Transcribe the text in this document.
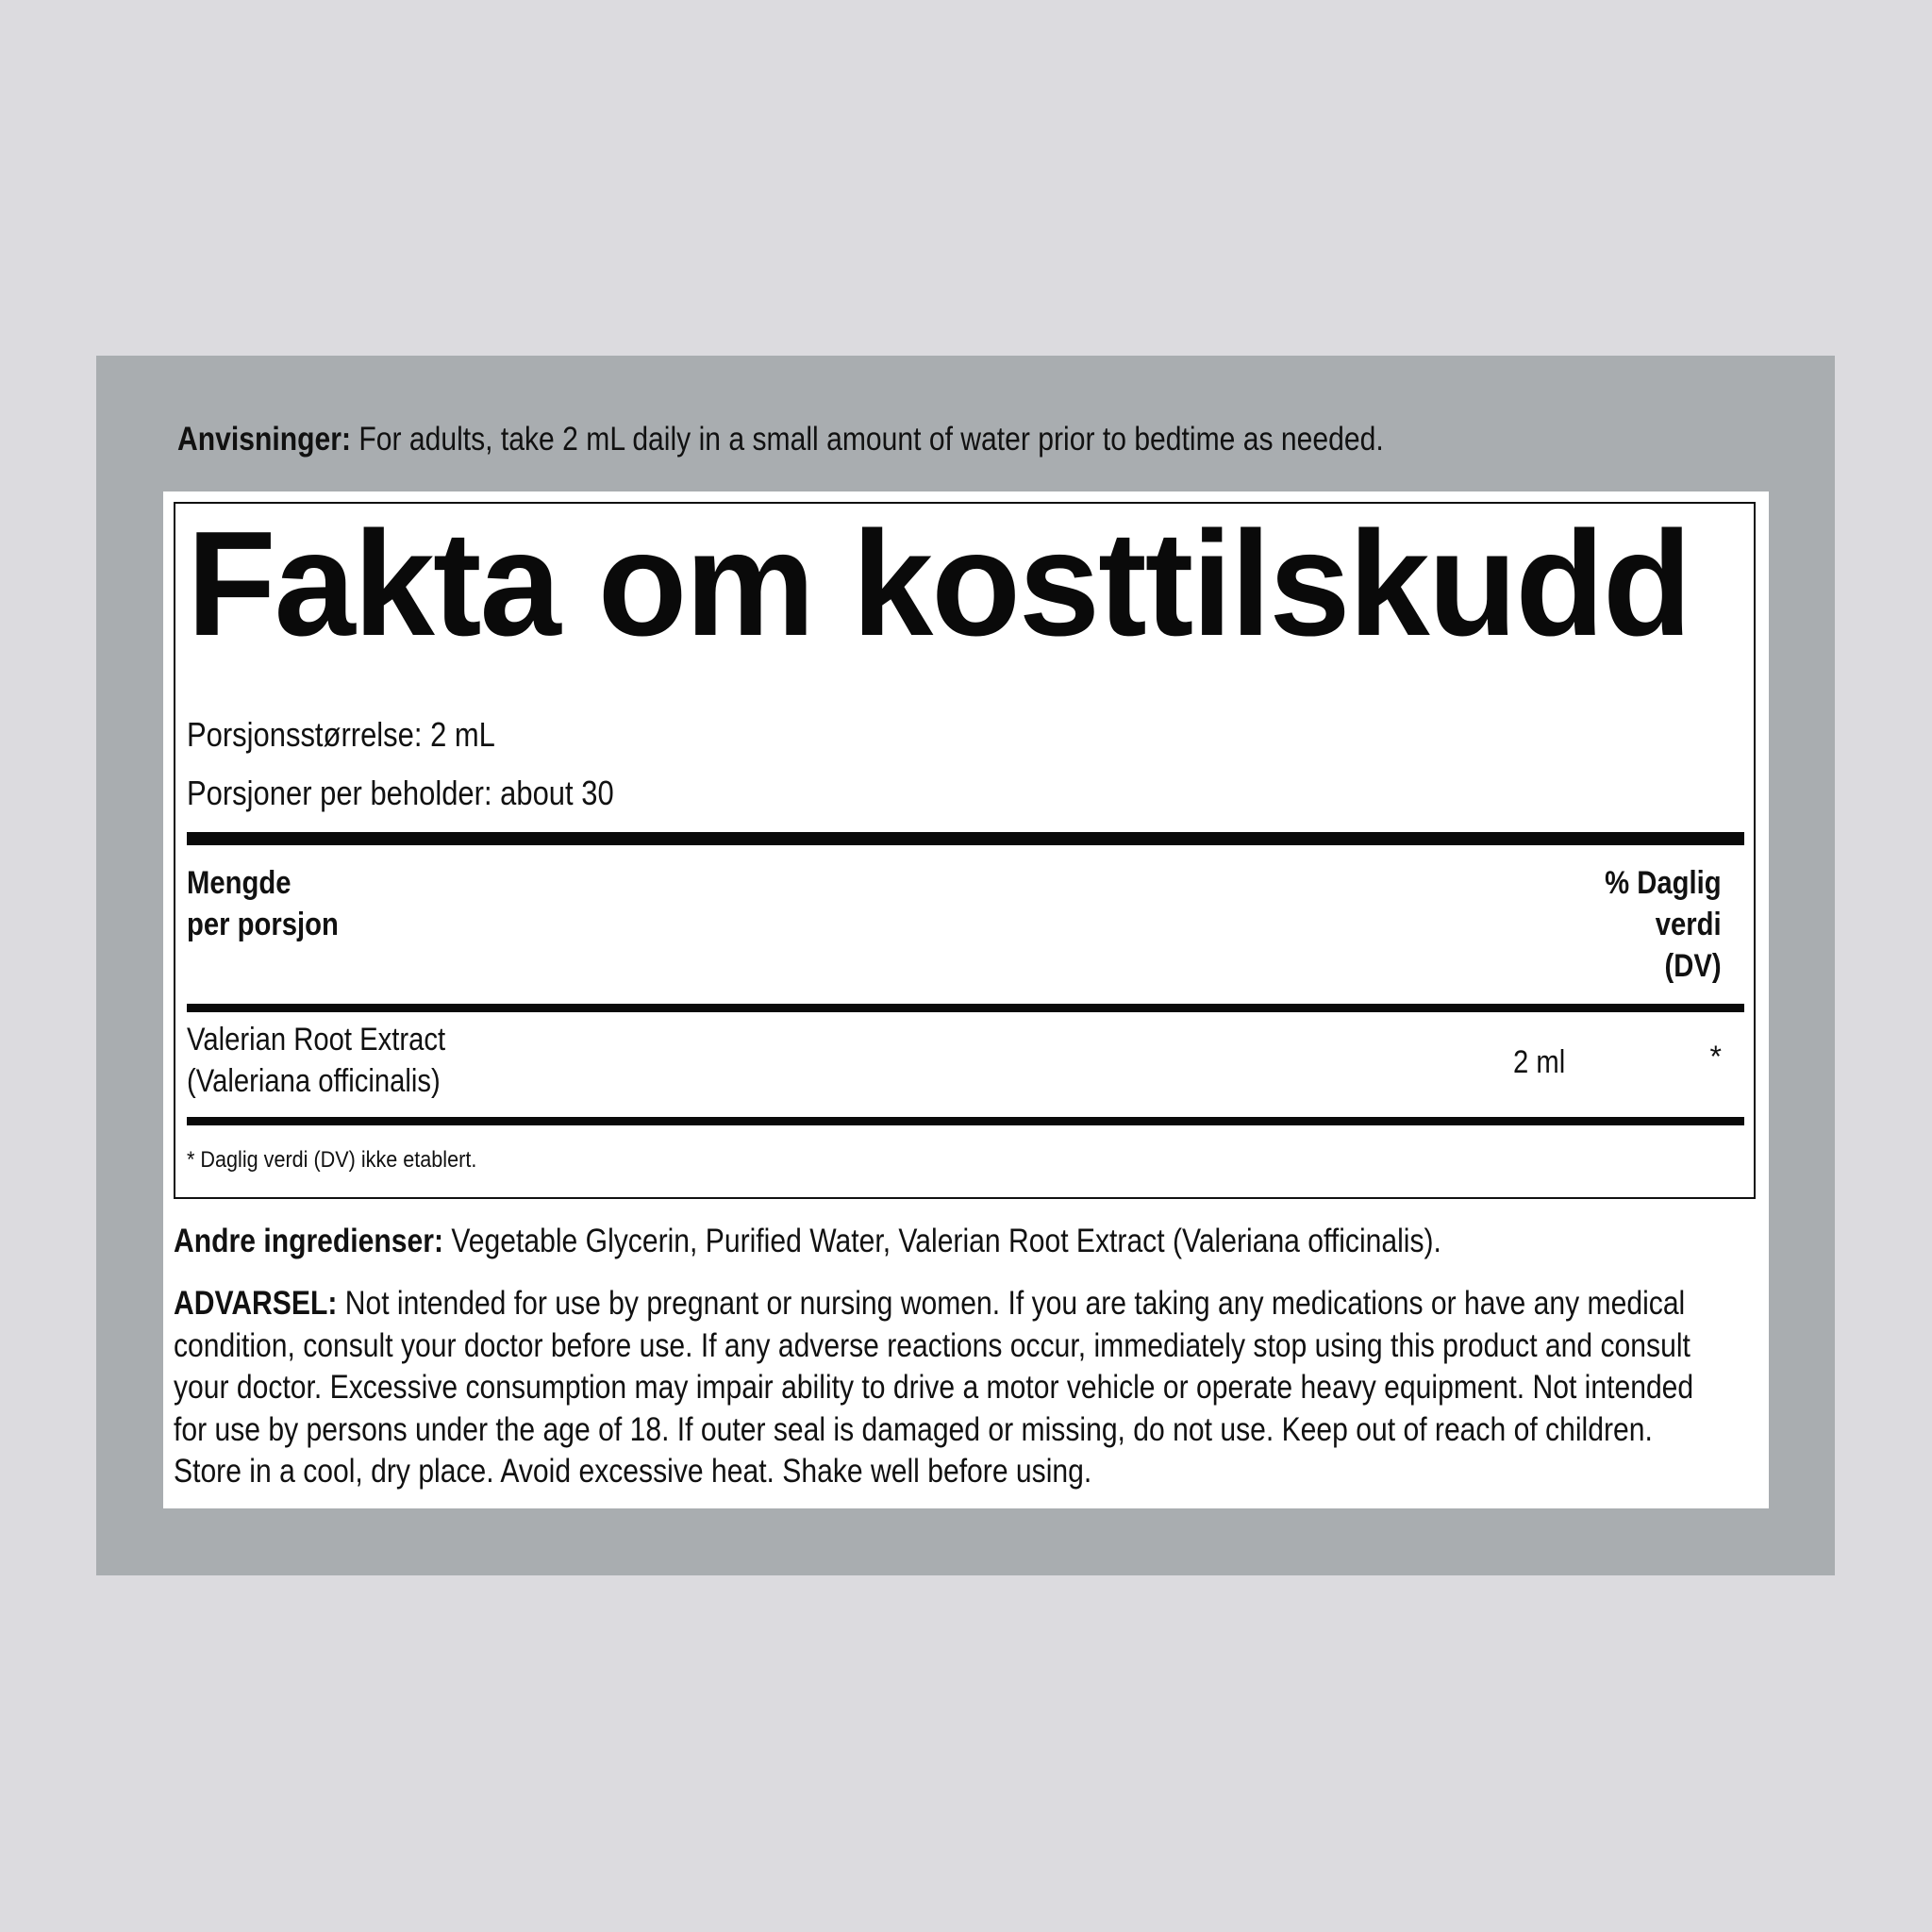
Anvisninger: For adults, take 2 mL daily in a small amount of water prior to bedtime as needed.
Fakta om kosttilskudd
Porsjonsstørrelse: 2 mL
Porsjoner per beholder: about 30
Mengde
per porsjon
% Daglig
verdi
(DV)
Valerian Root Extract
(Valeriana officinalis)
2 ml	*
* Daglig verdi (DV) ikke etablert.
Andre ingredienser: Vegetable Glycerin, Purified Water, Valerian Root Extract (Valeriana officinalis).
ADVARSEL: Not intended for use by pregnant or nursing women. If you are taking any medications or have any medical
condition, consult your doctor before use. If any adverse reactions occur, immediately stop using this product and consult
your doctor. Excessive consumption may impair ability to drive a motor vehicle or operate heavy equipment. Not intended
for use by persons under the age of 18. If outer seal is damaged or missing, do not use. Keep out of reach of children.
Store in a cool, dry place. Avoid excessive heat. Shake well before using.
